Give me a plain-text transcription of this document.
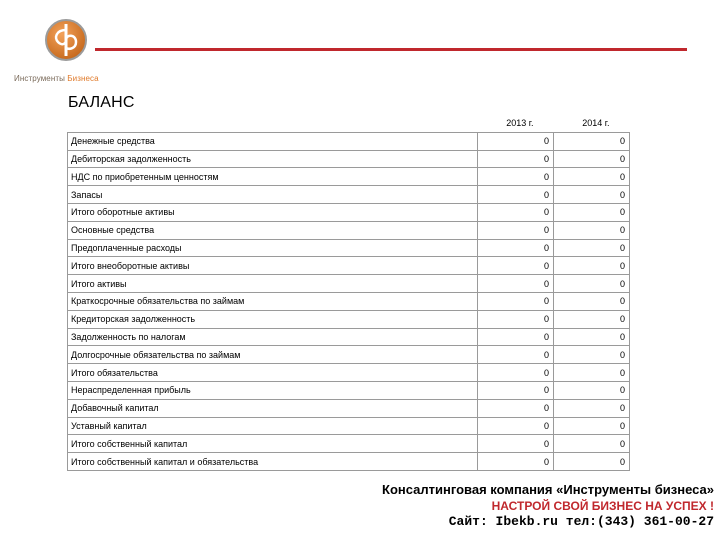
Инструменты Бизнеса
БАЛАНС
	2013 г.	2014 г.
Денежные средства	0	0
Дебиторская задолженность	0	0
НДС по приобретенным ценностям	0	0
Запасы	0	0
Итого оборотные активы	0	0
Основные средства	0	0
Предоплаченные расходы	0	0
Итого внеоборотные активы	0	0
Итого активы	0	0
Краткосрочные обязательства по займам	0	0
Кредиторская задолженность	0	0
Задолженность по налогам	0	0
Долгосрочные обязательства по займам	0	0
Итого обязательства	0	0
Нераспределенная прибыль	0	0
Добавочный капитал	0	0
Уставный капитал	0	0
Итого собственный капитал	0	0
Итого собственный капитал и обязательства	0	0
Консалтинговая компания «Инструменты бизнеса»
НАСТРОЙ СВОЙ БИЗНЕС НА УСПЕХ !
Сайт: Ibekb.ru тел:(343) 361-00-27
